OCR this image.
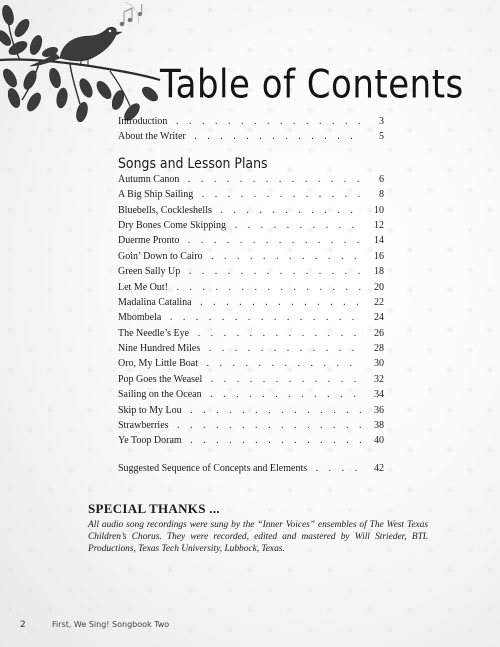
Table of Contents
Introduction . . . . . . . . . . . . . . .	3
About the Writer . . . . . . . . . . . . .	5
Songs and Lesson Plans
Autumn Canon . . . . . . . . . . . . . .	6
A Big Ship Sailing . . . . . . . . . . . . .	8
Bluebells, Cockleshells . . . . . . . . . . .	10
Dry Bones Come Skipping . . . . . . . . . .	12
Duerme Pronto . . . . . . . . . . . . . .	14
Goin’ Down to Cairo . . . . . . . . . . . .	16
Green Sally Up . . . . . . . . . . . . . . 18
Let Me Out! . . . . . . . . . . . . . . . 20
Madalina Catalina . . . . . . . . . . . . .	22
Mbombela . . . . . . . . . . . . . . .	24
The Needle’s Eye . . . . . . . . . . . . .	26
Nine Hundred Miles . . . . . . . . . . . .	28
Oro, My Little Boat . . . . . . . . . . . .	30
Pop Goes the Weasel . . . . . . . . . . . .	32
Sailing on the Ocean . . . . . . . . . . . .	34
Skip to My Lou . . . . . . . . . . . . . . 36
Strawberries . . . . . . . . . . . . . . . 38
Ye Toop Doram . . . . . . . . . . . . . . 40
Suggested Sequence of Concepts and Elements . . . .	42
SPECIAL THANKS ...
All audio song recordings were sung by the “Inner Voices” ensembles of The West Texas Children’s Chorus. They were recorded, edited and mastered by Will Strieder, BTL Productions, Texas Tech University, Lubbock, Texas.
2	First, We Sing! Songbook Two
